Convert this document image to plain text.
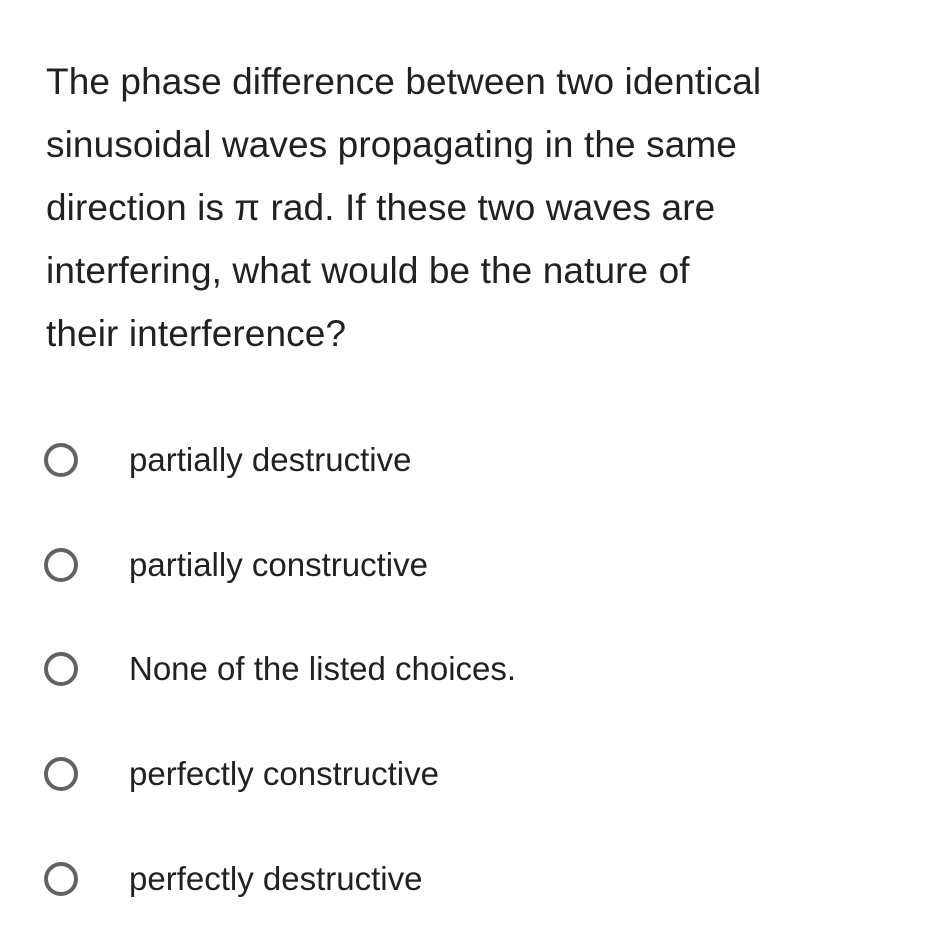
The phase difference between two identical
sinusoidal waves propagating in the same
direction is π rad. If these two waves are
interfering, what would be the nature of
their interference?
partially destructive
partially constructive
None of the listed choices.
perfectly constructive
perfectly destructive
